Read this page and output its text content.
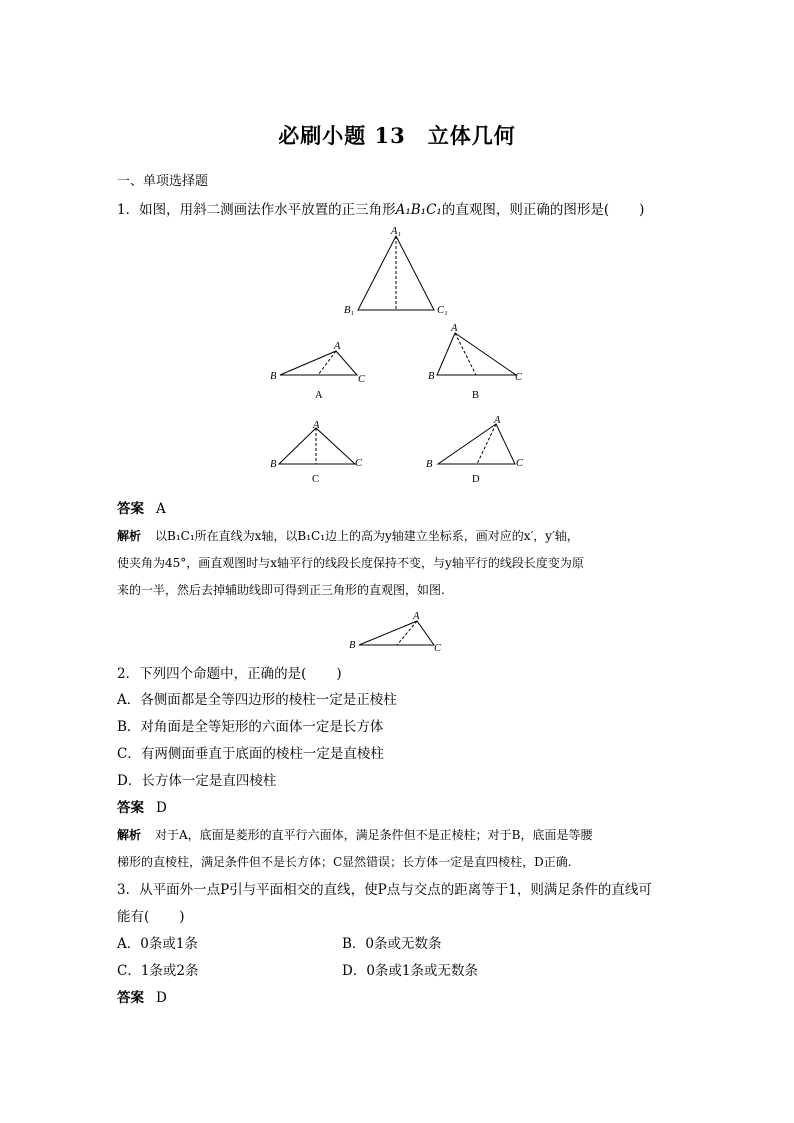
必刷小题 13 立体几何
一、单项选择题
1．如图，用斜二测画法作水平放置的正三角形A₁B₁C₁的直观图，则正确的图形是( )
A₁
B₁	C₁
A
B	C
A
A
B	C
B
A
B	C
C
A
B	C
D
A
B	C
答案 A
解析 以B₁C₁所在直线为x轴，以B₁C₁边上的高为y轴建立坐标系，画对应的x′，y′轴，
使夹角为45°，画直观图时与x轴平行的线段长度保持不变，与y轴平行的线段长度变为原
来的一半，然后去掉辅助线即可得到正三角形的直观图，如图.
2．下列四个命题中，正确的是( )
A．各侧面都是全等四边形的棱柱一定是正棱柱
B．对角面是全等矩形的六面体一定是长方体
C．有两侧面垂直于底面的棱柱一定是直棱柱
D．长方体一定是直四棱柱
答案 D
解析 对于A，底面是菱形的直平行六面体，满足条件但不是正棱柱；对于B，底面是等腰
梯形的直棱柱，满足条件但不是长方体；C显然错误；长方体一定是直四棱柱，D正确.
3．从平面外一点P引与平面相交的直线，使P点与交点的距离等于1，则满足条件的直线可
能有( )
A．0条或1条	B．0条或无数条
C．1条或2条	D．0条或1条或无数条
答案 D
